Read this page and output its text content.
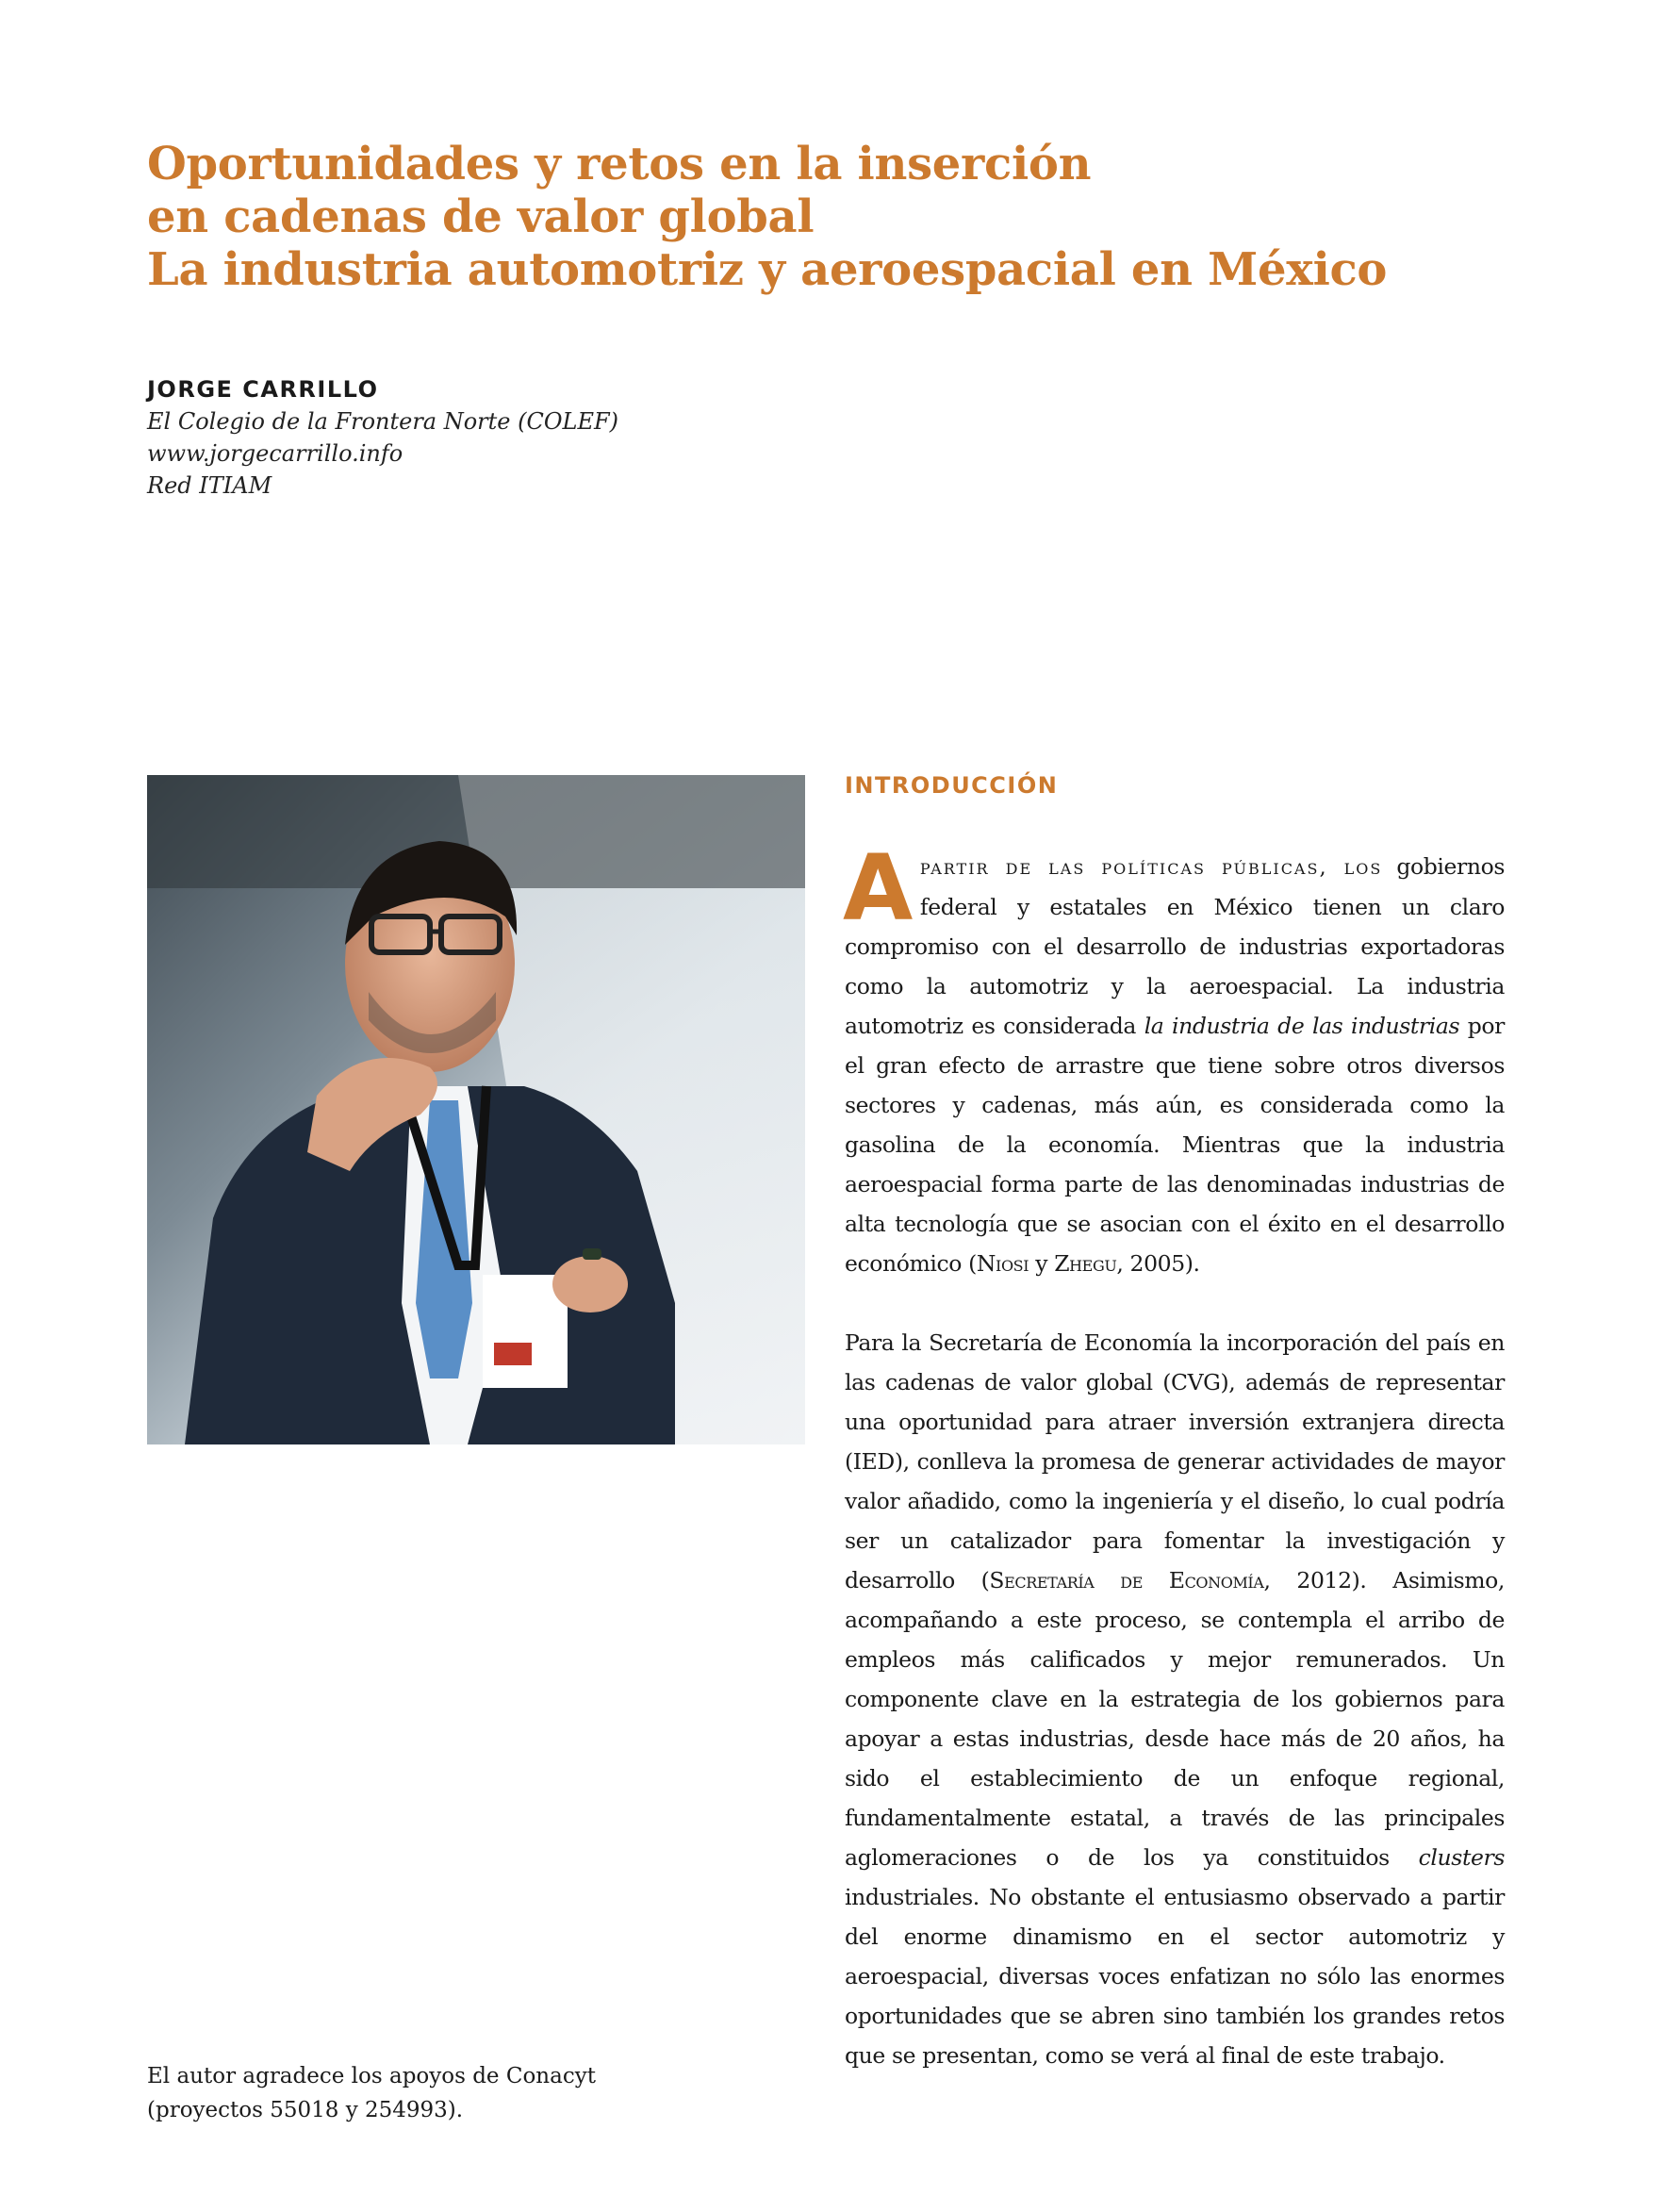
Oportunidades y retos en la inserción
en cadenas de valor global
La industria automotriz y aeroespacial en México
JORGE CARRILLO
El Colegio de la Frontera Norte (COLEF)
www.jorgecarrillo.info
Red ITIAM
El autor agradece los apoyos de Conacyt
(proyectos 55018 y 254993).
INTRODUCCIÓN

Apartir de las políticas públicas, los gobiernos federal y estatales en México tienen un claro compromiso con el desarrollo de industrias exportadoras como la automotriz y la aeroespacial. La industria automotriz es considerada la industria de las industrias por el gran efecto de arrastre que tiene sobre otros diversos sectores y cadenas, más aún, es considerada como la gasolina de la economía. Mientras que la industria aeroespacial forma parte de las denominadas industrias de alta tecnología que se asocian con el éxito en el desarrollo económico (Niosi y Zhegu, 2005).

Para la Secretaría de Economía la incorporación del país en las cadenas de valor global (CVG), además de representar una oportunidad para atraer inversión extranjera directa (IED), conlleva la promesa de generar actividades de mayor valor añadido, como la ingeniería y el diseño, lo cual podría ser un catalizador para fomentar la investigación y desarrollo (Secretaría de Economía, 2012). Asimismo, acompañando a este proceso, se contempla el arribo de empleos más calificados y mejor remunerados. Un componente clave en la estrategia de los gobiernos para apoyar a estas industrias, desde hace más de 20 años, ha sido el establecimiento de un enfoque regional, fundamentalmente estatal, a través de las principales aglomeraciones o de los ya constituidos clusters industriales. No obstante el entusiasmo observado a partir del enorme dinamismo en el sector automotriz y aeroespacial, diversas voces enfatizan no sólo las enormes oportunidades que se abren sino también los grandes retos que se presentan, como se verá al final de este trabajo.
